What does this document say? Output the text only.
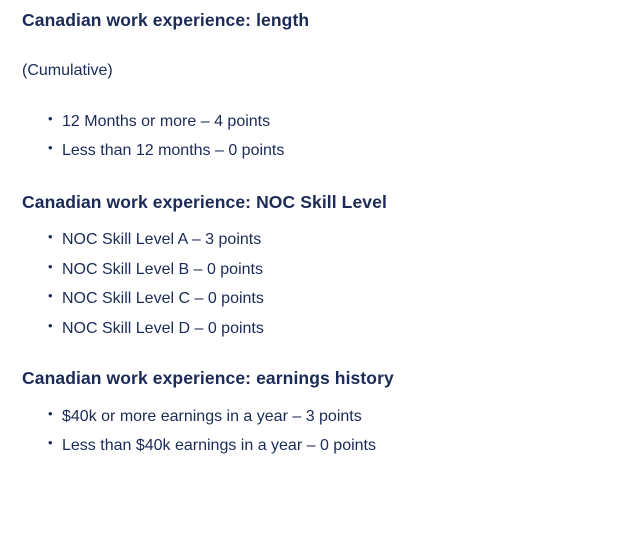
Canadian work experience: length

(Cumulative)

• 12 Months or more – 4 points
• Less than 12 months – 0 points
Canadian work experience: NOC Skill Level
• NOC Skill Level A – 3 points
• NOC Skill Level B – 0 points
• NOC Skill Level C – 0 points
• NOC Skill Level D – 0 points
Canadian work experience: earnings history
• $40k or more earnings in a year – 3 points
• Less than $40k earnings in a year – 0 points
